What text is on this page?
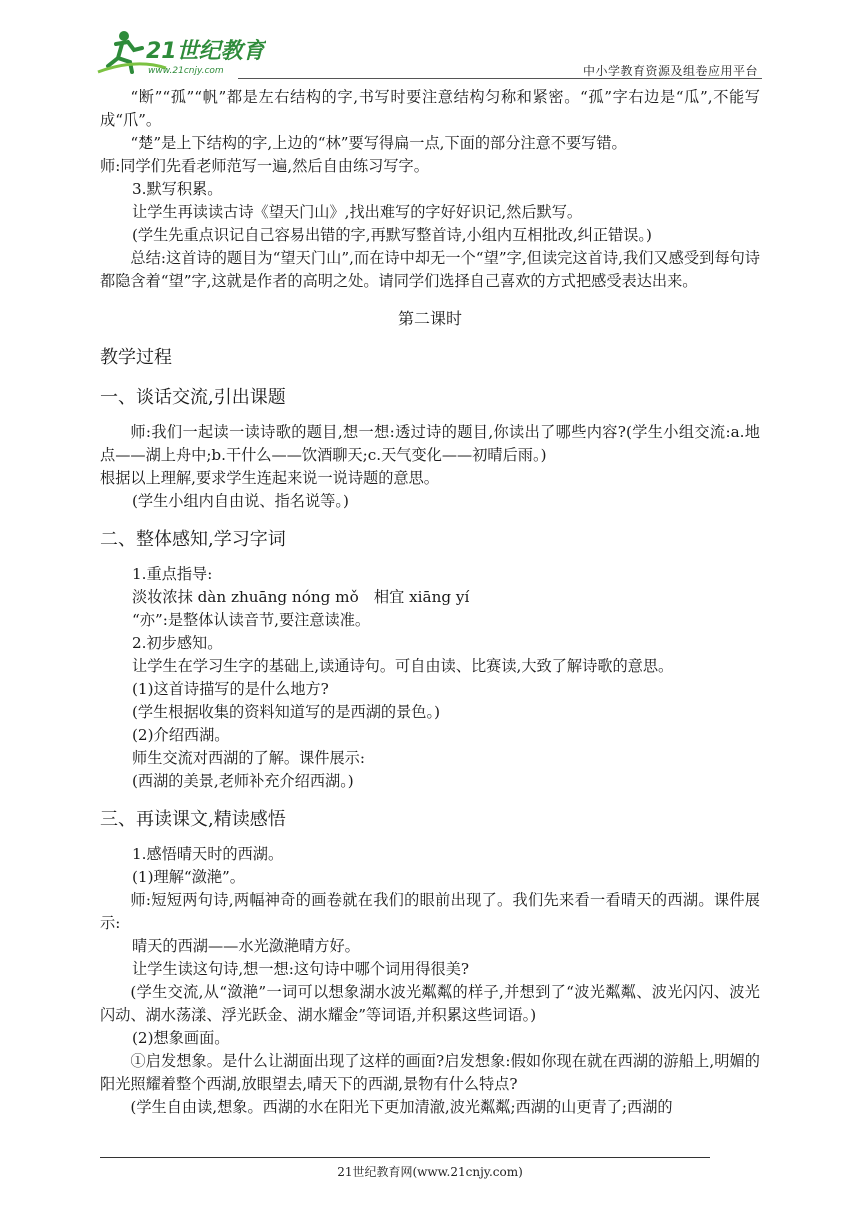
21世纪教育
www.21cnjy.com	中小学教育资源及组卷应用平台

“断”“孤”“帆”都是左右结构的字,书写时要注意结构匀称和紧密。“孤”字右边是“瓜”,不能写成“爪”。

“楚”是上下结构的字,上边的“林”要写得扁一点,下面的部分注意不要写错。

师:同学们先看老师范写一遍,然后自由练习写字。

3.默写积累。

让学生再读读古诗《望天门山》,找出难写的字好好识记,然后默写。

(学生先重点识记自己容易出错的字,再默写整首诗,小组内互相批改,纠正错误。)

总结:这首诗的题目为“望天门山”,而在诗中却无一个“望”字,但读完这首诗,我们又感受到每句诗都隐含着“望”字,这就是作者的高明之处。请同学们选择自己喜欢的方式把感受表达出来。

第二课时
教学过程
一、谈话交流,引出课题

师:我们一起读一读诗歌的题目,想一想:透过诗的题目,你读出了哪些内容?(学生小组交流:a.地点——湖上舟中;b.干什么——饮酒聊天;c.天气变化——初晴后雨。)

根据以上理解,要求学生连起来说一说诗题的意思。

(学生小组内自由说、指名说等。)

二、整体感知,学习字词

1.重点指导:

淡妆浓抹 dàn zhuāng nóng mǒ　相宜 xiāng yí

“亦”:是整体认读音节,要注意读准。

2.初步感知。

让学生在学习生字的基础上,读通诗句。可自由读、比赛读,大致了解诗歌的意思。

(1)这首诗描写的是什么地方?

(学生根据收集的资料知道写的是西湖的景色。)

(2)介绍西湖。

师生交流对西湖的了解。课件展示:

(西湖的美景,老师补充介绍西湖。)

三、再读课文,精读感悟

1.感悟晴天时的西湖。

(1)理解“潋滟”。

师:短短两句诗,两幅神奇的画卷就在我们的眼前出现了。我们先来看一看晴天的西湖。课件展示:

晴天的西湖——水光潋滟晴方好。

让学生读这句诗,想一想:这句诗中哪个词用得很美?

(学生交流,从“潋滟”一词可以想象湖水波光粼粼的样子,并想到了“波光粼粼、波光闪闪、波光闪动、湖水荡漾、浮光跃金、湖水耀金”等词语,并积累这些词语。)

(2)想象画面。

①启发想象。是什么让湖面出现了这样的画面?启发想象:假如你现在就在西湖的游船上,明媚的阳光照耀着整个西湖,放眼望去,晴天下的西湖,景物有什么特点?

(学生自由读,想象。西湖的水在阳光下更加清澈,波光粼粼;西湖的山更青了;西湖的

21世纪教育网(www.21cnjy.com)
